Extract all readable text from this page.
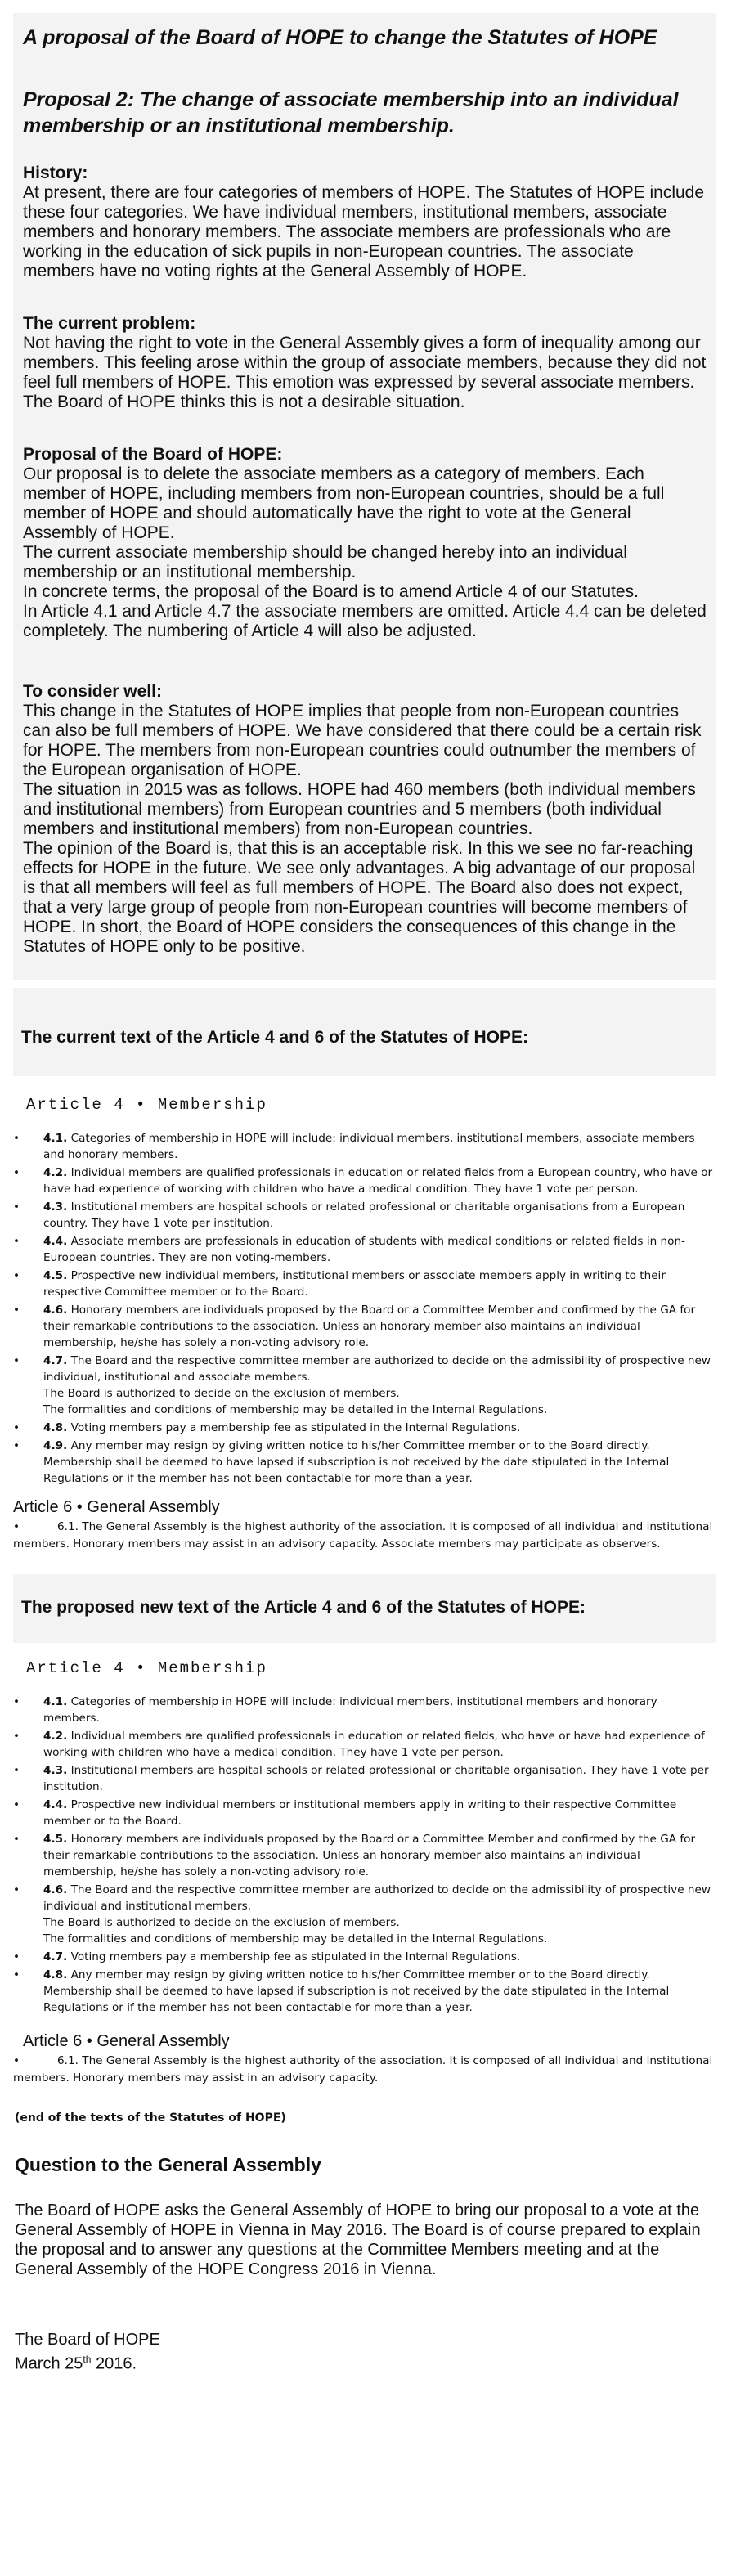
A proposal of the Board of HOPE to change the Statutes of HOPE
Proposal 2: The change of associate membership into an individual membership or an institutional membership.
History:

At present, there are four categories of members of HOPE. The Statutes of HOPE include these four categories. We have individual members, institutional members, associate members and honorary members. The associate members are professionals who are working in the education of sick pupils in non-European countries. The associate members have no voting rights at the General Assembly of HOPE.

The current problem:

Not having the right to vote in the General Assembly gives a form of inequality among our members. This feeling arose within the group of associate members, because they did not feel full members of HOPE. This emotion was expressed by several associate members. The Board of HOPE thinks this is not a desirable situation.

Proposal of the Board of HOPE:

Our proposal is to delete the associate members as a category of members. Each member of HOPE, including members from non-European countries, should be a full member of HOPE and should automatically have the right to vote at the General Assembly of HOPE.

The current associate membership should be changed hereby into an individual membership or an institutional membership.

In concrete terms, the proposal of the Board is to amend Article 4 of our Statutes.

In Article 4.1 and Article 4.7 the associate members are omitted. Article 4.4 can be deleted completely. The numbering of Article 4 will also be adjusted.

To consider well:

This change in the Statutes of HOPE implies that people from non-European countries can also be full members of HOPE. We have considered that there could be a certain risk for HOPE. The members from non-European countries could outnumber the members of the European organisation of HOPE.

The situation in 2015 was as follows. HOPE had 460 members (both individual members and institutional members) from European countries and 5 members (both individual members and institutional members) from non-European countries.

The opinion of the Board is, that this is an acceptable risk. In this we see no far-reaching effects for HOPE in the future. We see only advantages. A big advantage of our proposal is that all members will feel as full members of HOPE. The Board also does not expect, that a very large group of people from non-European countries will become members of HOPE. In short, the Board of HOPE considers the consequences of this change in the Statutes of HOPE only to be positive.

The current text of the Article 4 and 6 of the Statutes of HOPE:
Article 4 • Membership
• 4.1. Categories of membership in HOPE will include: individual members, institutional members, associate members and honorary members.
• 4.2. Individual members are qualified professionals in education or related fields from a European country, who have or have had experience of working with children who have a medical condition. They have 1 vote per person.
• 4.3. Institutional members are hospital schools or related professional or charitable organisations from a European country. They have 1 vote per institution.
• 4.4. Associate members are professionals in education of students with medical conditions or related fields in non-European countries. They are non voting-members.
• 4.5. Prospective new individual members, institutional members or associate members apply in writing to their respective Committee member or to the Board.
• 4.6. Honorary members are individuals proposed by the Board or a Committee Member and confirmed by the GA for their remarkable contributions to the association. Unless an honorary member also maintains an individual membership, he/she has solely a non-voting advisory role.
• 4.7. The Board and the respective committee member are authorized to decide on the admissibility of prospective new individual, institutional and associate members.
The Board is authorized to decide on the exclusion of members.
The formalities and conditions of membership may be detailed in the Internal Regulations.
• 4.8. Voting members pay a membership fee as stipulated in the Internal Regulations.
• 4.9. Any member may resign by giving written notice to his/her Committee member or to the Board directly.
Membership shall be deemed to have lapsed if subscription is not received by the date stipulated in the Internal Regulations or if the member has not been contactable for more than a year.
Article 6 • General Assembly
•	6.1. The General Assembly is the highest authority of the association. It is composed of all individual and institutional members. Honorary members may assist in an advisory capacity. Associate members may participate as observers.
The proposed new text of the Article 4 and 6 of the Statutes of HOPE:
Article 4 • Membership
• 4.1. Categories of membership in HOPE will include: individual members, institutional members and honorary members.
• 4.2. Individual members are qualified professionals in education or related fields, who have or have had experience of working with children who have a medical condition. They have 1 vote per person.
• 4.3. Institutional members are hospital schools or related professional or charitable organisation. They have 1 vote per institution.
• 4.4. Prospective new individual members or institutional members apply in writing to their respective Committee member or to the Board.
• 4.5. Honorary members are individuals proposed by the Board or a Committee Member and confirmed by the GA for their remarkable contributions to the association. Unless an honorary member also maintains an individual membership, he/she has solely a non-voting advisory role.
• 4.6. The Board and the respective committee member are authorized to decide on the admissibility of prospective new individual and institutional members.
The Board is authorized to decide on the exclusion of members.
The formalities and conditions of membership may be detailed in the Internal Regulations.
• 4.7. Voting members pay a membership fee as stipulated in the Internal Regulations.
• 4.8. Any member may resign by giving written notice to his/her Committee member or to the Board directly.
Membership shall be deemed to have lapsed if subscription is not received by the date stipulated in the Internal Regulations or if the member has not been contactable for more than a year.
Article 6 • General Assembly
•	6.1. The General Assembly is the highest authority of the association. It is composed of all individual and institutional members. Honorary members may assist in an advisory capacity.
(end of the texts of the Statutes of HOPE)
Question to the General Assembly
The Board of HOPE asks the General Assembly of HOPE to bring our proposal to a vote at the General Assembly of HOPE in Vienna in May 2016. The Board is of course prepared to explain the proposal and to answer any questions at the Committee Members meeting and at the General Assembly of the HOPE Congress 2016 in Vienna.
The Board of HOPE
March 25th 2016.
